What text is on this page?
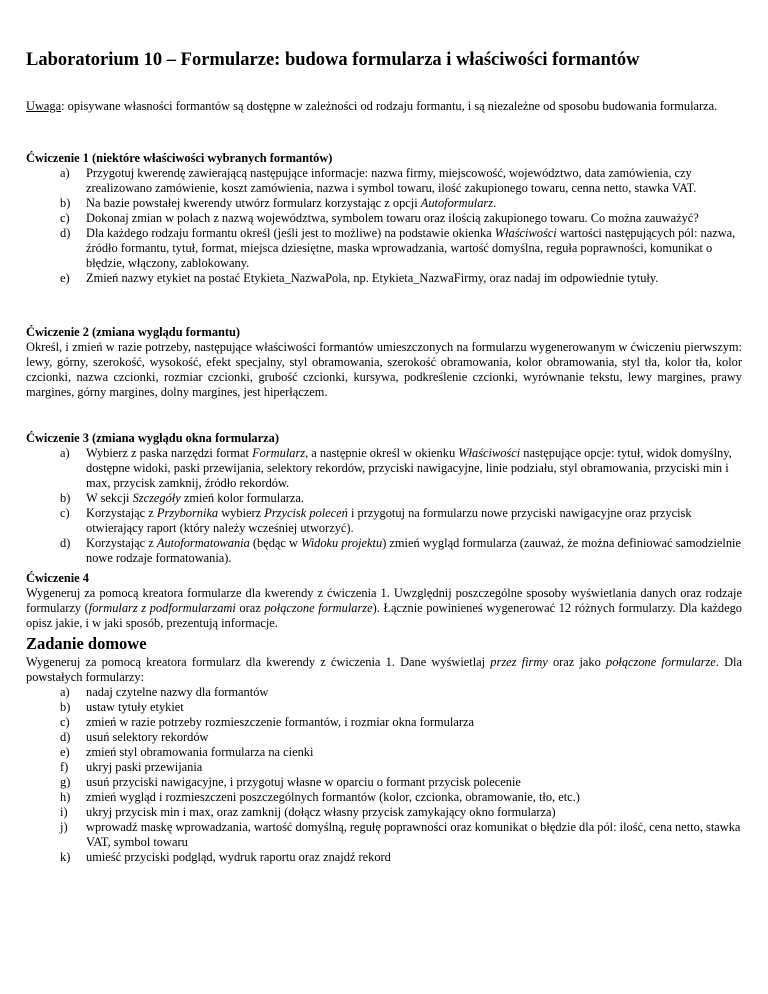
Laboratorium 10 – Formularze: budowa formularza i właściwości formantów
Uwaga: opisywane własności formantów są dostępne w zależności od rodzaju formantu, i są niezależne od sposobu budowania formularza.
Ćwiczenie 1 (niektóre właściwości wybranych formantów)
a) Przygotuj kwerendę zawierającą następujące informacje: nazwa firmy, miejscowość, województwo, data zamówienia, czy zrealizowano zamówienie, koszt zamówienia, nazwa i symbol towaru, ilość zakupionego towaru, cenna netto, stawka VAT.
b) Na bazie powstałej kwerendy utwórz formularz korzystając z opcji Autoformularz.
c) Dokonaj zmian w polach z nazwą województwa, symbolem towaru oraz ilością zakupionego towaru. Co można zauważyć?
d) Dla każdego rodzaju formantu określ (jeśli jest to możliwe) na podstawie okienka Właściwości wartości następujących pól: nazwa, źródło formantu, tytuł, format, miejsca dziesiętne, maska wprowadzania, wartość domyślna, reguła poprawności, komunikat o błędzie, włączony, zablokowany.
e) Zmień nazwy etykiet na postać Etykieta_NazwaPola, np. Etykieta_NazwaFirmy, oraz nadaj im odpowiednie tytuły.
Ćwiczenie 2 (zmiana wyglądu formantu)
Określ, i zmień w razie potrzeby, następujące właściwości formantów umieszczonych na formularzu wygenerowanym w ćwiczeniu pierwszym: lewy, górny, szerokość, wysokość, efekt specjalny, styl obramowania, szerokość obramowania, kolor obramowania, styl tła, kolor tła, kolor czcionki, nazwa czcionki, rozmiar czcionki, grubość czcionki, kursywa, podkreślenie czcionki, wyrównanie tekstu, lewy margines, prawy margines, górny margines, dolny margines, jest hiperłączem.
Ćwiczenie 3 (zmiana wyglądu okna formularza)
a) Wybierz z paska narzędzi format Formularz, a następnie określ w okienku Właściwości następujące opcje: tytuł, widok domyślny, dostępne widoki, paski przewijania, selektory rekordów, przyciski nawigacyjne, linie podziału, styl obramowania, przyciski min i max, przycisk zamknij, źródło rekordów.
b) W sekcji Szczegóły zmień kolor formularza.
c) Korzystając z Przybornika wybierz Przycisk poleceń i przygotuj na formularzu nowe przyciski nawigacyjne oraz przycisk otwierający raport (który należy wcześniej utworzyć).
d) Korzystając z Autoformatowania (będąc w Widoku projektu) zmień wygląd formularza (zauważ, że można definiować samodzielnie nowe rodzaje formatowania).
Ćwiczenie 4
Wygeneruj za pomocą kreatora formularze dla kwerendy z ćwiczenia 1. Uwzględnij poszczególne sposoby wyświetlania danych oraz rodzaje formularzy (formularz z podformularzami oraz połączone formularze). Łącznie powinieneś wygenerować 12 różnych formularzy. Dla każdego opisz jakie, i w jaki sposób, prezentują informacje.
Zadanie domowe
Wygeneruj za pomocą kreatora formularz dla kwerendy z ćwiczenia 1. Dane wyświetlaj przez firmy oraz jako połączone formularze. Dla powstałych formularzy:
a) nadaj czytelne nazwy dla formantów
b) ustaw tytuły etykiet
c) zmień w razie potrzeby rozmieszczenie formantów, i rozmiar okna formularza
d) usuń selektory rekordów
e) zmień styl obramowania formularza na cienki
f) ukryj paski przewijania
g) usuń przyciski nawigacyjne, i przygotuj własne w oparciu o formant przycisk polecenie
h) zmień wygląd i rozmieszczeni poszczególnych formantów (kolor, czcionka, obramowanie, tło, etc.)
i) ukryj przycisk min i max, oraz zamknij (dołącz własny przycisk zamykający okno formularza)
j) wprowadź maskę wprowadzania, wartość domyślną, regułę poprawności oraz komunikat o błędzie dla pól: ilość, cena netto, stawka VAT, symbol towaru
k) umieść przyciski podgląd, wydruk raportu oraz znajdź rekord
